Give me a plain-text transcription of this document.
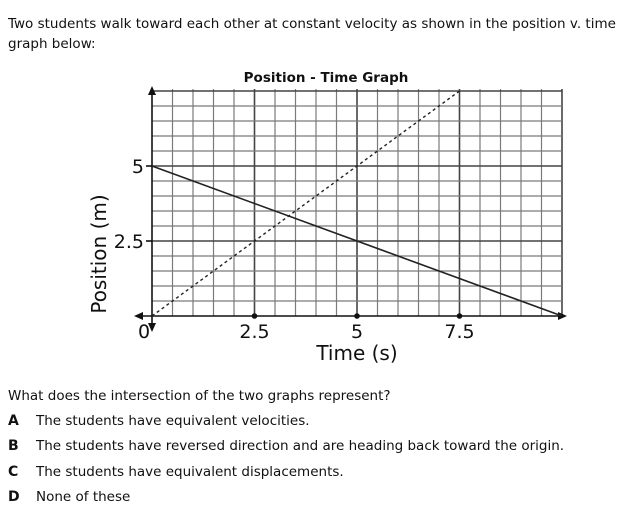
Two students walk toward each other at constant velocity as shown in the position v. time graph below:
Position - Time Graph
0	2.5	5	7.5
2.5
5
Time (s)
Position (m)
What does the intersection of the two graphs represent?
A	The students have equivalent velocities.
B	The students have reversed direction and are heading back toward the origin.
C	The students have equivalent displacements.
D	None of these
